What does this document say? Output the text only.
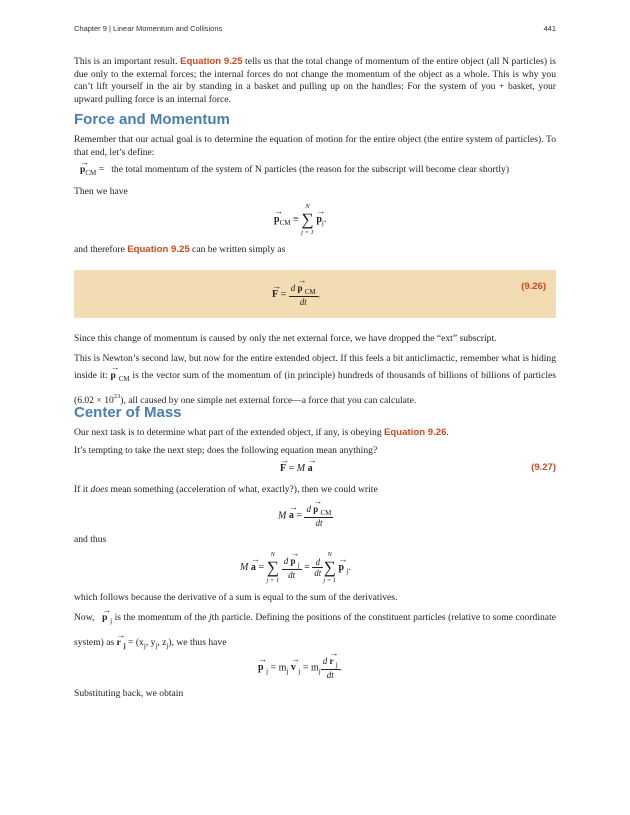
Chapter 9 | Linear Momentum and Collisions	441
This is an important result. Equation 9.25 tells us that the total change of momentum of the entire object (all N particles) is due only to the external forces; the internal forces do not change the momentum of the object as a whole. This is why you can’t lift yourself in the air by standing in a basket and pulling up on the handles: For the system of you + basket, your upward pulling force is an internal force.
Force and Momentum
Remember that our actual goal is to determine the equation of motion for the entire object (the entire system of particles). To that end, let’s define:
→ $p_{CM}$ =   the total momentum of the system of N particles (the reason for the subscript will become clear shortly)
Then we have
→ $p_{CM}$ ≡
N
∑
j = 1
→ $p_j$.
and therefore Equation 9.25 can be written simply as
→ $F = \frac{d \to p _{CM}}{dt}$ .
(9.26)
Since this change of momentum is caused by only the net external force, we have dropped the “ext” subscript.
This is Newton’s second law, but now for the entire extended object. If this feels a bit anticlimactic, remember what is hiding inside it: → p $_{CM}$ is the vector sum of the momentum of (in principle) hundreds of thousands of billions of billions of particles $(6.02 \times 10^{23})$, all caused by one simple net external force—a force that you can calculate.
Center of Mass
Our next task is to determine what part of the extended object, if any, is obeying Equation 9.26.
It’s tempting to take the next step; does the following equation mean anything?
→ F = M → a	(9.27)
If it does mean something (acceleration of what, exactly?), then we could write
$M \to a = \frac{d \to p _{CM}}{dt}$
and thus
M → a =
N
∑
j = 1

$\frac{d \to p _j}{dt} = \frac{d}{dt}$
N
∑
j = 1
→ p $_j$.
which follows because the derivative of a sum is equal to the sum of the derivatives.
Now,   → p $_j$ is the momentum of the jth particle. Defining the positions of the constituent particles (relative to some coordinate system) as → r $_j = (x_j$, $y_j$, $z_j$), we thus have
→ p $_j = m_j \to v$ $_j = m_j \frac{d \to r _j}{dt}$ .
Substituting back, we obtain
